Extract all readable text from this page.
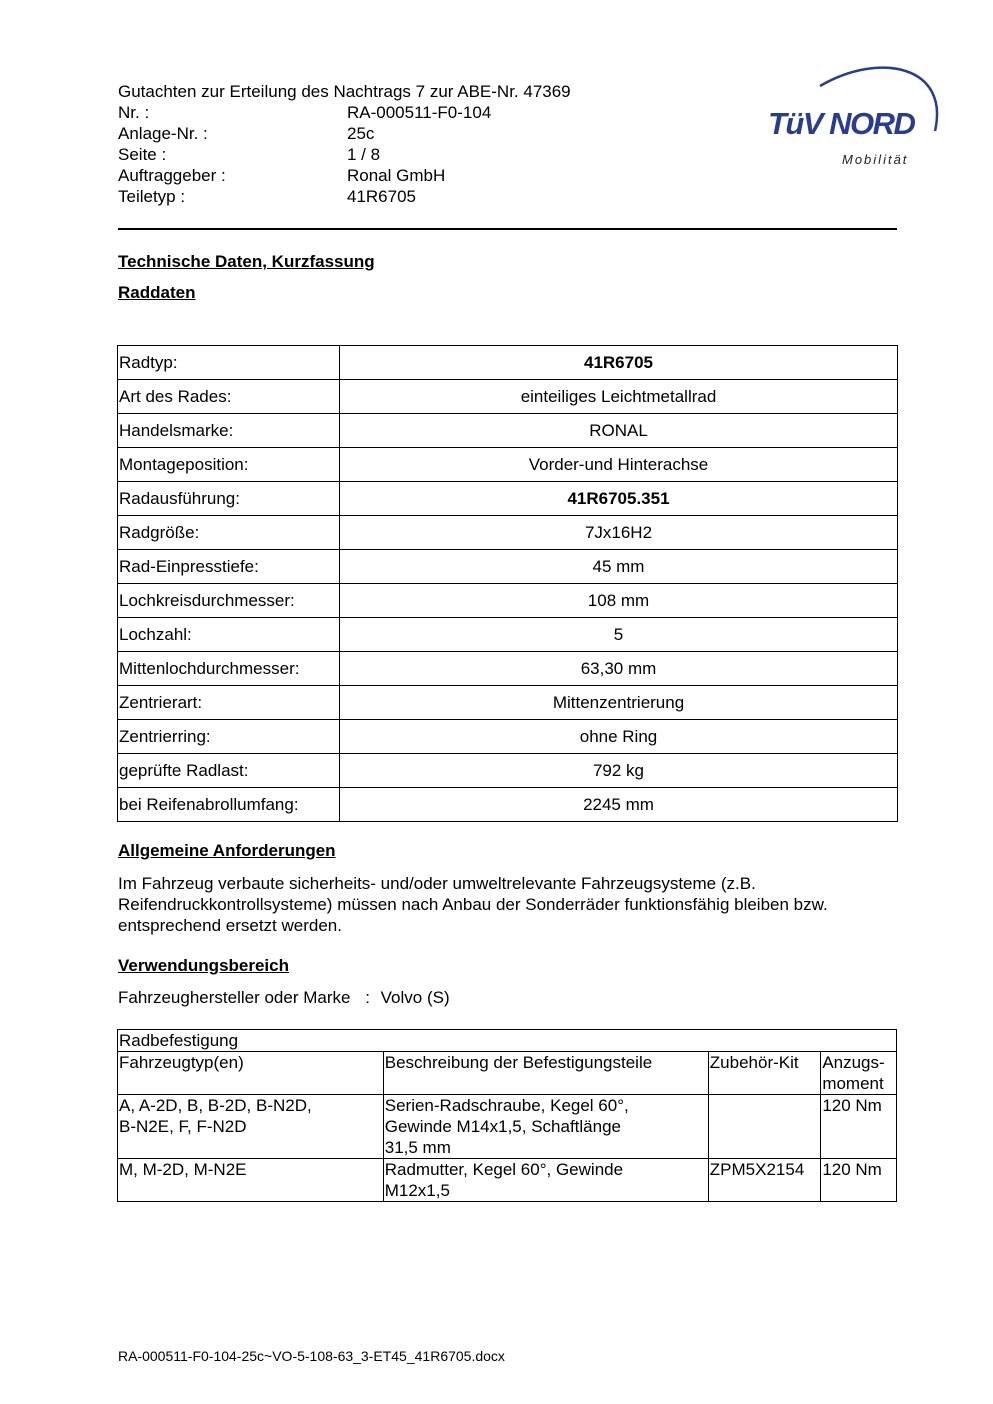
Gutachten zur Erteilung des Nachtrags 7 zur ABE-Nr. 47369
Nr. :	RA-000511-F0-104
Anlage-Nr. :	25c
Seite :	1 / 8
Auftraggeber :	Ronal GmbH
Teiletyp :	41R6705
TüV NORD
Mobilität
Technische Daten, Kurzfassung
Raddaten
Radtyp:	41R6705
Art des Rades:	einteiliges Leichtmetallrad
Handelsmarke:	RONAL
Montageposition:	Vorder-und Hinterachse
Radausführung:	41R6705.351
Radgröße:	7Jx16H2
Rad-Einpresstiefe:	45 mm
Lochkreisdurchmesser:	108 mm
Lochzahl:	5
Mittenlochdurchmesser:	63,30 mm
Zentrierart:	Mittenzentrierung
Zentrierring:	ohne Ring
geprüfte Radlast:	792 kg
bei Reifenabrollumfang:	2245 mm
Allgemeine Anforderungen
Im Fahrzeug verbaute sicherheits- und/oder umweltrelevante Fahrzeugsysteme (z.B. Reifendruckkontrollsysteme) müssen nach Anbau der Sonderräder funktionsfähig bleiben bzw. entsprechend ersetzt werden.
Verwendungsbereich
Fahrzeughersteller oder Marke : Volvo (S)
Radbefestigung			
Fahrzeugtyp(en)	Beschreibung der Befestigungsteile	Zubehör-Kit	Anzugs-
moment
A, A-2D, B, B-2D, B-N2D,
B-N2E, F, F-N2D	Serien-Radschraube, Kegel 60°,
Gewinde M14x1,5, Schaftlänge
31,5 mm		120 Nm
M, M-2D, M-N2E	Radmutter, Kegel 60°, Gewinde
M12x1,5	ZPM5X2154	120 Nm
RA-000511-F0-104-25c~VO-5-108-63_3-ET45_41R6705.docx
